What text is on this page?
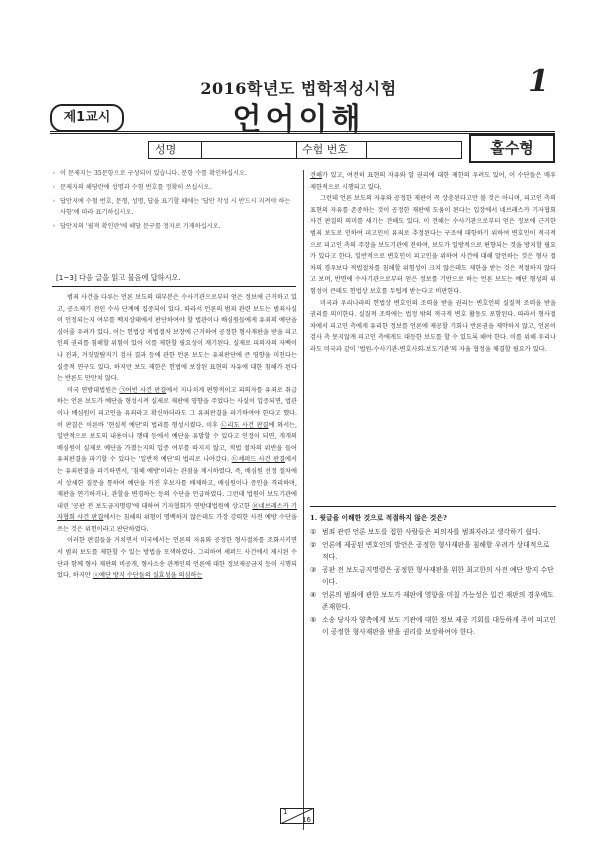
2016학년도 법학적성시험	1
언어이해
제1교시
성명	수험 번호	홀수형
◦ 이 문제지는 35문항으로 구성되어 있습니다. 문항 수를 확인하십시오.
◦ 문제지의 해당란에 성명과 수험 번호를 정확히 쓰십시오.
◦ 답안지에 수험 번호, 문형, 성명, 답을 표기할 때에는 '답안 작성 시 반드시 지켜야 하는 사항'에 따라 표기하십시오.
◦ 답안지의 '필적 확인란'에 해당 문구를 정자로 기재하십시오.
[1~3] 다음 글을 읽고 물음에 답하시오.

범죄 사건을 다루는 언론 보도의 대부분은 수사기관으로부터 얻은 정보에 근거하고 있고, 공소제기 전인 수사 단계에 집중되어 있다. 따라서 언론의 범죄 관련 보도는 범죄사실이 인정되는지 여부를 백지상태에서 판단하여야 할 법관이나 배심원들에게 유죄의 예단을 심어줄 우려가 있다. 이는 헌법상 적법절차 보장에 근거하여 공정한 형사재판을 받을 피고인의 권리를 침해할 위험이 있어 이를 제한할 필요성이 제기된다. 실제로 피의자의 자백이나 전과, 거짓말탐지기 검사 결과 등에 관한 언론 보도는 유죄판단에 큰 영향을 미친다는 실증적 연구도 있다. 하지만 보도 제한은 헌법에 보장된 표현의 자유에 대한 침해가 된다는 반론도 만만치 않다.

미국 연방대법원은 ㉠어빈 사건 판결에서 지나치게 편향적이고 피의자를 유죄로 취급하는 언론 보도가 예단을 형성시켜 실제로 재판에 영향을 주었다는 사실이 입증되면, 법관이나 배심원이 피고인을 유죄라고 확신하더라도 그 유죄판결을 파기하여야 한다고 했다. 이 판결은 이른바 '현실적 예단'의 법리를 형성시켰다. 이후 ㉡리도 사건 판결에 와서는, 일반적으로 보도의 내용이나 행태 등에서 예단을 유발할 수 있다고 인정이 되면, 개개의 배심원이 실제로 예단을 가졌는지의 입증 여부를 따지지 않고, 적법 절차의 위반을 들어 유죄판결을 파기할 수 있다는 '일반적 예단'의 법리로 나아갔다. ㉢셰퍼드 사건 판결에서는 유죄판결을 파기하면서, '침해 예방'이라는 관점을 제시하였다. 즉, 배심원 선정 절차에서 상세한 질문을 통하여 예단을 가진 후보자를 배제하고, 배심원이나 증인을 격리하며, 재판을 연기하거나, 관할을 변경하는 등의 수단을 언급하였다. 그런데 법원이 보도기관에 내린 '공판 전 보도금지명령'에 대하여 기자협회가 연방대법원에 상고한 ㉣네브래스카 기자협회 사건 판결에서는 침해의 위험이 명백하지 않은데도 가장 강력한 사전 예방 수단을 쓰는 것은 위헌이라고 판단하였다.

이러한 판결들을 거치면서 미국에서는 언론의 자유와 공정한 형사절차를 조화시키면서 범죄 보도를 제한할 수 있는 방법을 모색하였다. 그리하여 셰퍼드 사건에서 제시된 수단과 함께 형사 재판의 비공개, 형사소송 관계인의 언론에 대한 정보제공금지 등이 시행되었다. 하지만 ⓐ예단 방지 수단들의 실효성을 의심하는

견해가 있고, 여전히 표현의 자유와 알 권리에 대한 제한의 우려도 있어, 이 수단들은 매우 제한적으로 시행되고 있다.

그런데 언론 보도의 자유와 공정한 재판이 꼭 상충된다고만 볼 것은 아니며, 피고인 측의 표현의 자유를 존중하는 것이 공정한 재판에 도움이 된다는 입장에서 네브래스카 기자협회 사건 판결의 의미를 새기는 견해도 있다. 이 견해는 수사기관으로부터 얻은 정보에 근거한 범죄 보도로 인하여 피고인이 유죄로 추정된다는 구조에 대항하기 위하여 변호인이 적극적으로 피고인 측의 주장을 보도기관에 전하여, 보도가 일방적으로 편향되는 것을 방지할 필요가 있다고 한다. 일반적으로 변호인이 피고인을 위하여 사건에 대해 말언하는 것은 형사 절차의 경우보다 적법절차를 침해할 위험성이 크지 않은데도 제한을 받는 것은 적절하지 않다고 보며, 반면에 수사기관으로부터 얻은 정보를 기반으로 하는 언론 보도는 예단 형성의 위험성이 큰데도 헌법상 보호를 두텁게 받는다고 비판한다.

미국과 우리나라의 헌법상 변호인의 조력을 받을 권리는 변호인의 실질적 조력을 받을 권리를 의미한다. 실질적 조력에는 법정 밖의 적극적 변호 활동도 포함된다. 따라서 형사절차에서 피고인 측에게 유리한 정보를 언론에 제공할 기회나 반론권을 제약하지 않고, 언론이 검사 측 못지않게 피고인 측에게도 대등한 보도를 할 수 있도록 해야 한다. 이를 위해 우리나라도 미국과 같이 '법원-수사기관-변호사회-보도기관'의 자율 협정을 체결할 필요가 있다.

1. 윗글을 이해한 것으로 적절하지 않은 것은?
① 범죄 관련 언론 보도를 접한 사람들은 피의자를 범죄자라고 생각하기 쉽다.
② 언론에 제공된 변호인의 발언은 공정한 형사재판을 침해할 우려가 상대적으로 적다.
③ 공판 전 보도금지명령은 공정한 형사재판을 위한 최고한의 사전 예단 방지 수단이다.
④ 언론의 범죄에 관한 보도가 재판에 영향을 미칠 가능성은 입건 재판의 경우에도 존재한다.
⑤ 소송 당사자 양측에게 보도 기관에 대한 정보 제공 기회를 대등하게 주어 피고인이 공정한 형사재판을 받을 권리를 보장하여야 한다.
1
16
